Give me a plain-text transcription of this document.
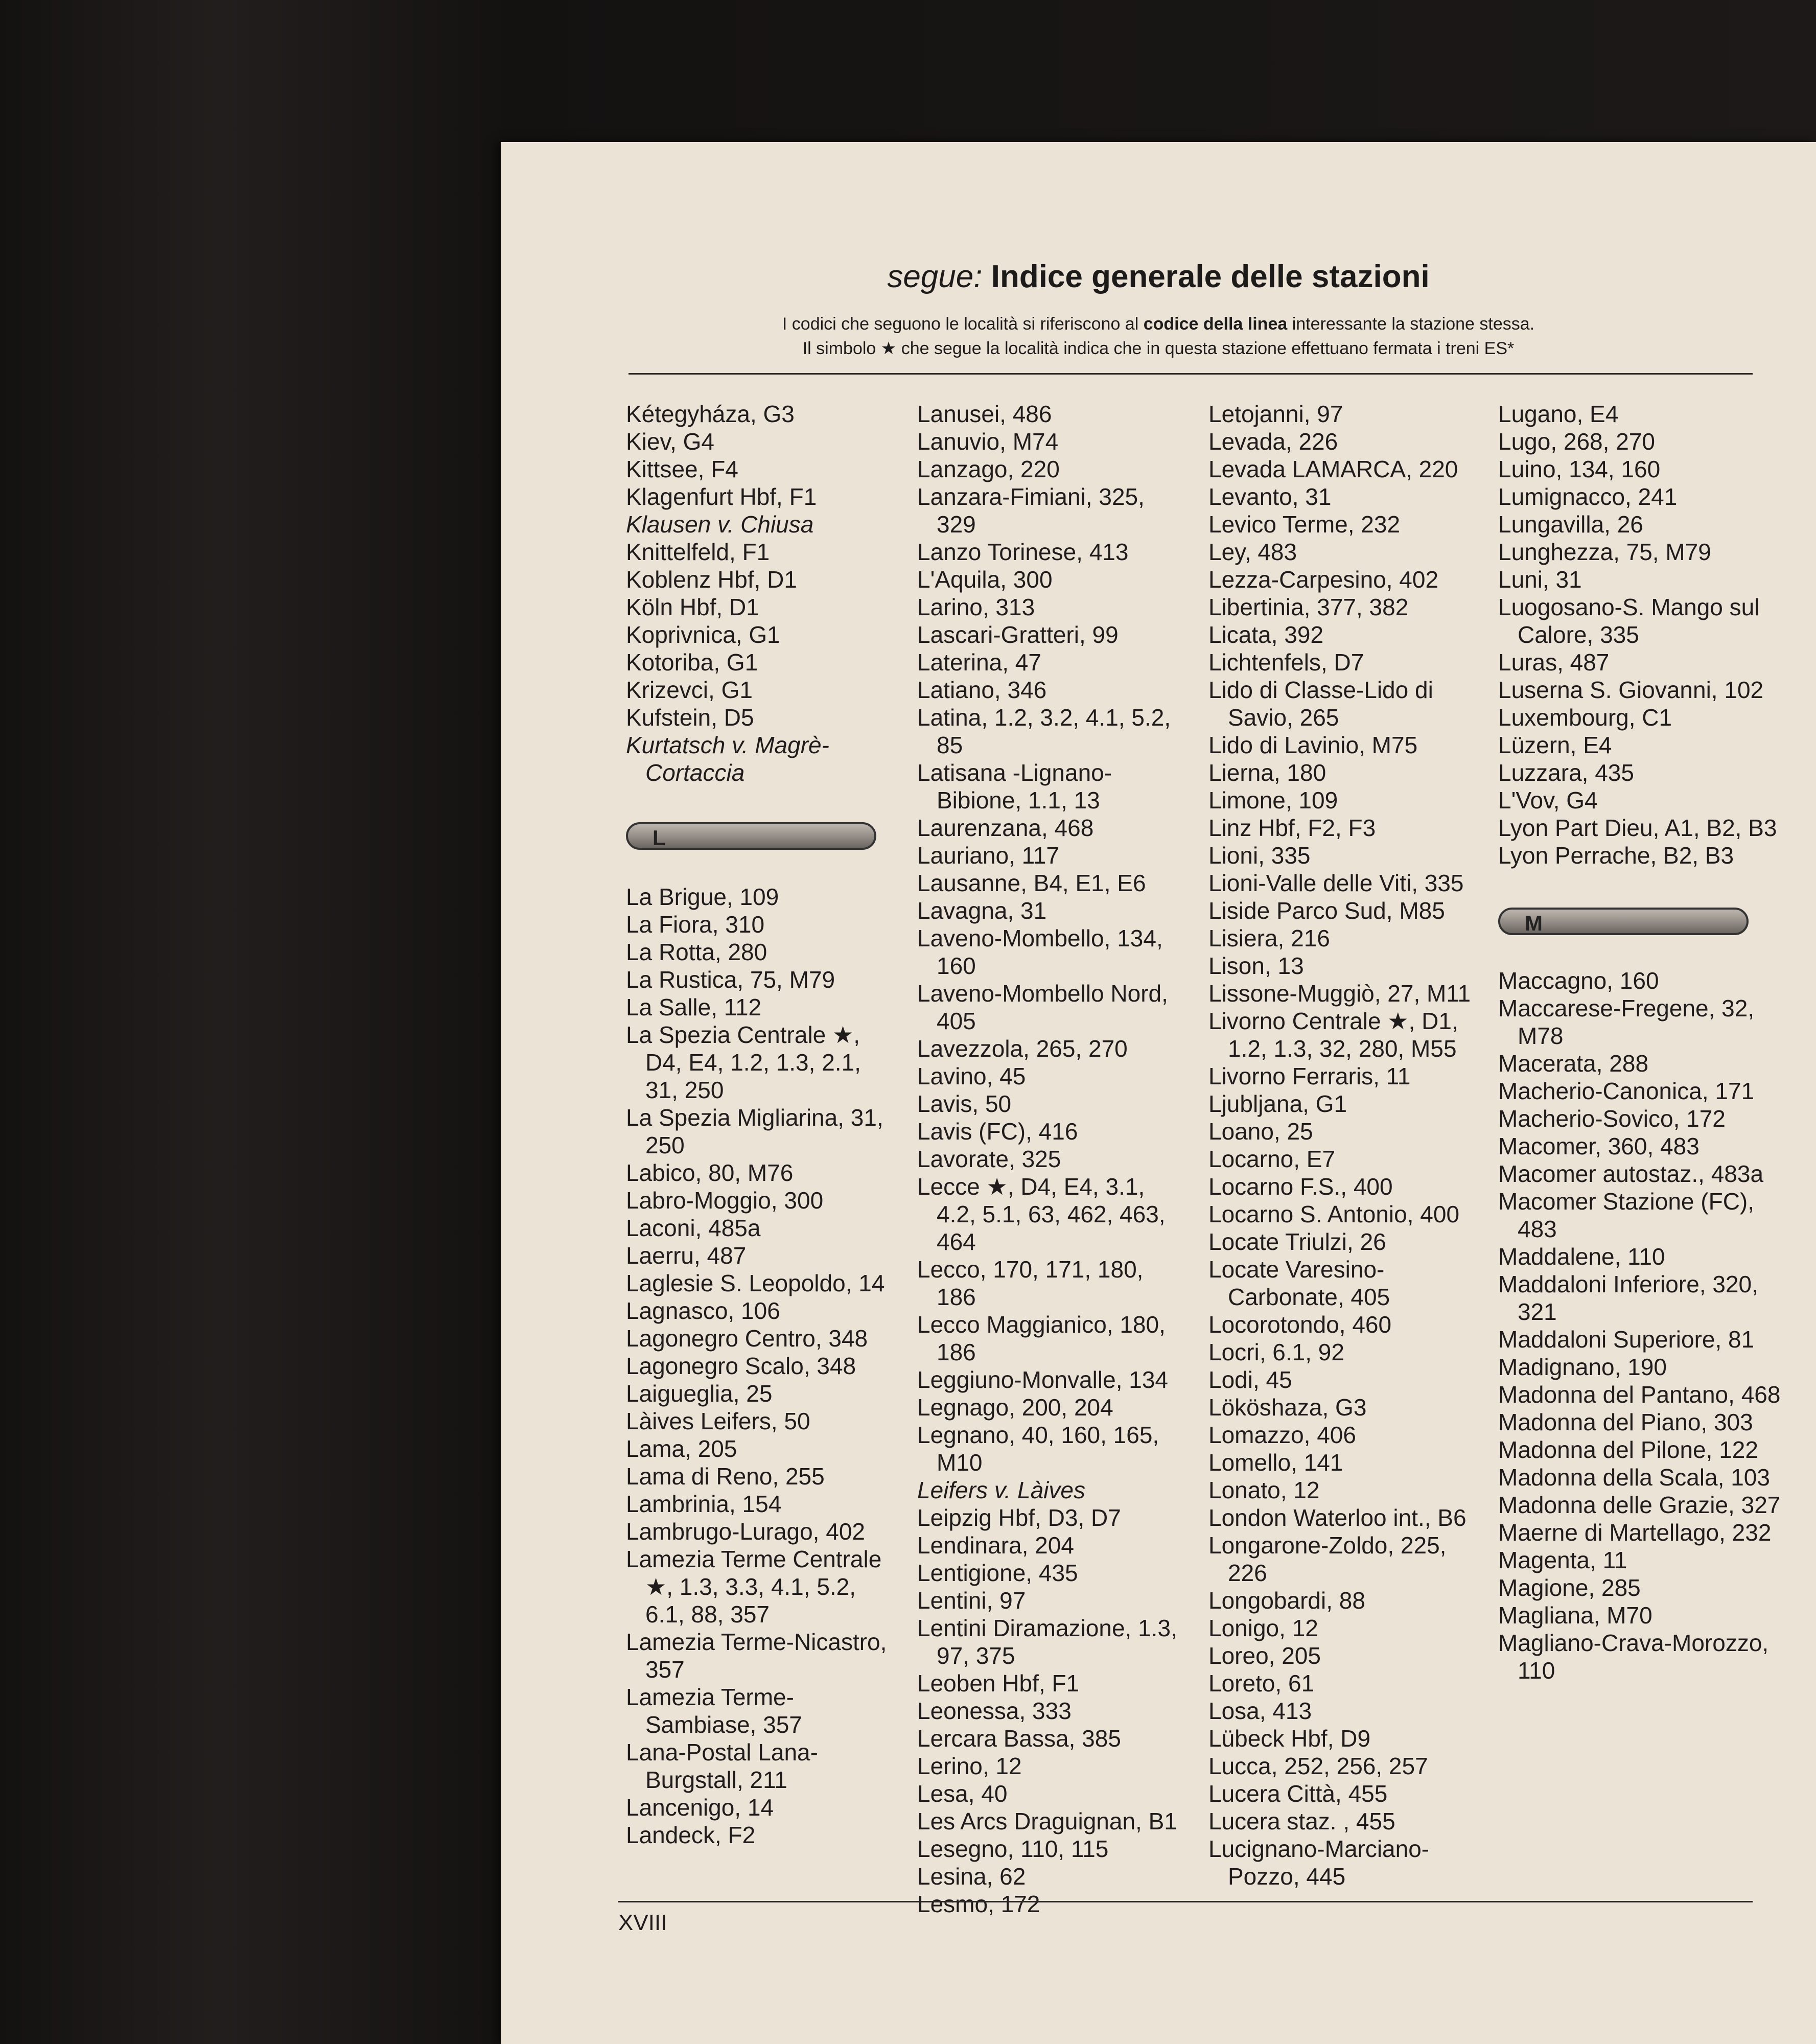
segue: Indice generale delle stazioni
I codici che seguono le località si riferiscono al codice della linea interessante la stazione stessa.
Il simbolo ★ che segue la località indica che in questa stazione effettuano fermata i treni ES*
Kétegyháza, G3
Kiev, G4
Kittsee, F4
Klagenfurt Hbf, F1
Klausen v. Chiusa
Knittelfeld, F1
Koblenz Hbf, D1
Köln Hbf, D1
Koprivnica, G1
Kotoriba, G1
Krizevci, G1
Kufstein, D5
Kurtatsch v. Magrè-Cortaccia
L
La Brigue, 109
La Fiora, 310
La Rotta, 280
La Rustica, 75, M79
La Salle, 112
La Spezia Centrale ★, D4, E4, 1.2, 1.3, 2.1, 31, 250
La Spezia Migliarina, 31, 250
Labico, 80, M76
Labro-Moggio, 300
Laconi, 485a
Laerru, 487
Laglesie S. Leopoldo, 14
Lagnasco, 106
Lagonegro Centro, 348
Lagonegro Scalo, 348
Laigueglia, 25
Làives Leifers, 50
Lama, 205
Lama di Reno, 255
Lambrinia, 154
Lambrugo-Lurago, 402
Lamezia Terme Centrale ★, 1.3, 3.3, 4.1, 5.2, 6.1, 88, 357
Lamezia Terme-Nicastro, 357
Lamezia Terme-Sambiase, 357
Lana-Postal Lana-Burgstall, 211
Lancenigo, 14
Landeck, F2
Lanusei, 486
Lanuvio, M74
Lanzago, 220
Lanzara-Fimiani, 325, 329
Lanzo Torinese, 413
L'Aquila, 300
Larino, 313
Lascari-Gratteri, 99
Laterina, 47
Latiano, 346
Latina, 1.2, 3.2, 4.1, 5.2, 85
Latisana -Lignano-Bibione, 1.1, 13
Laurenzana, 468
Lauriano, 117
Lausanne, B4, E1, E6
Lavagna, 31
Laveno-Mombello, 134, 160
Laveno-Mombello Nord, 405
Lavezzola, 265, 270
Lavino, 45
Lavis, 50
Lavis (FC), 416
Lavorate, 325
Lecce ★, D4, E4, 3.1, 4.2, 5.1, 63, 462, 463, 464
Lecco, 170, 171, 180, 186
Lecco Maggianico, 180, 186
Leggiuno-Monvalle, 134
Legnago, 200, 204
Legnano, 40, 160, 165, M10
Leifers v. Làives
Leipzig Hbf, D3, D7
Lendinara, 204
Lentigione, 435
Lentini, 97
Lentini Diramazione, 1.3, 97, 375
Leoben Hbf, F1
Leonessa, 333
Lercara Bassa, 385
Lerino, 12
Lesa, 40
Les Arcs Draguignan, B1
Lesegno, 110, 115
Lesina, 62
Lesmo, 172
Letojanni, 97
Levada, 226
Levada LAMARCA, 220
Levanto, 31
Levico Terme, 232
Ley, 483
Lezza-Carpesino, 402
Libertinia, 377, 382
Licata, 392
Lichtenfels, D7
Lido di Classe-Lido di Savio, 265
Lido di Lavinio, M75
Lierna, 180
Limone, 109
Linz Hbf, F2, F3
Lioni, 335
Lioni-Valle delle Viti, 335
Liside Parco Sud, M85
Lisiera, 216
Lison, 13
Lissone-Muggiò, 27, M11
Livorno Centrale ★, D1, 1.2, 1.3, 32, 280, M55
Livorno Ferraris, 11
Ljubljana, G1
Loano, 25
Locarno, E7
Locarno F.S., 400
Locarno S. Antonio, 400
Locate Triulzi, 26
Locate Varesino-Carbonate, 405
Locorotondo, 460
Locri, 6.1, 92
Lodi, 45
Lököshaza, G3
Lomazzo, 406
Lomello, 141
Lonato, 12
London Waterloo int., B6
Longarone-Zoldo, 225, 226
Longobardi, 88
Lonigo, 12
Loreo, 205
Loreto, 61
Losa, 413
Lübeck Hbf, D9
Lucca, 252, 256, 257
Lucera Città, 455
Lucera staz. , 455
Lucignano-Marciano-Pozzo, 445
Lugano, E4
Lugo, 268, 270
Luino, 134, 160
Lumignacco, 241
Lungavilla, 26
Lunghezza, 75, M79
Luni, 31
Luogosano-S. Mango sul Calore, 335
Luras, 487
Luserna S. Giovanni, 102
Luxembourg, C1
Lüzern, E4
Luzzara, 435
L'Vov, G4
Lyon Part Dieu, A1, B2, B3
Lyon Perrache, B2, B3
M
Maccagno, 160
Maccarese-Fregene, 32, M78
Macerata, 288
Macherio-Canonica, 171
Macherio-Sovico, 172
Macomer, 360, 483
Macomer autostaz., 483a
Macomer Stazione (FC), 483
Maddalene, 110
Maddaloni Inferiore, 320, 321
Maddaloni Superiore, 81
Madignano, 190
Madonna del Pantano, 468
Madonna del Piano, 303
Madonna del Pilone, 122
Madonna della Scala, 103
Madonna delle Grazie, 327
Maerne di Martellago, 232
Magenta, 11
Magione, 285
Magliana, M70
Magliano-Crava-Morozzo, 110
XVIII
